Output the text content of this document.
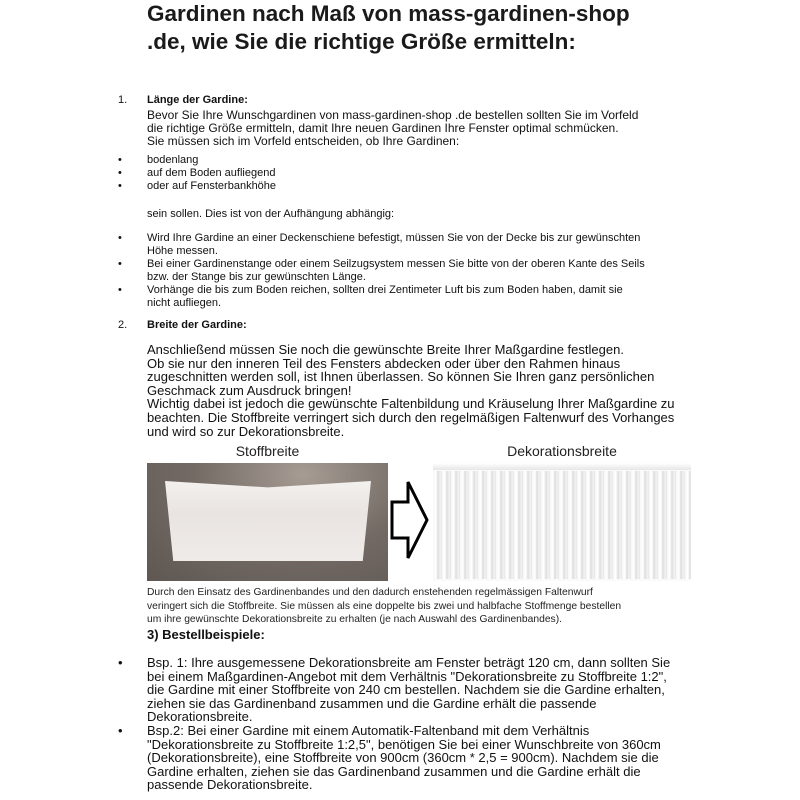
Gardinen nach Maß von mass-gardinen-shop
.de, wie Sie die richtige Größe ermitteln:
1. Länge der Gardine:
Bevor Sie Ihre Wunschgardinen von mass-gardinen-shop .de bestellen sollten Sie im Vorfeld
die richtige Größe ermitteln, damit Ihre neuen Gardinen Ihre Fenster optimal schmücken.
Sie müssen sich im Vorfeld entscheiden, ob Ihre Gardinen:
• bodenlang
• auf dem Boden aufliegend
• oder auf Fensterbankhöhe
sein sollen. Dies ist von der Aufhängung abhängig:
• Wird Ihre Gardine an einer Deckenschiene befestigt, müssen Sie von der Decke bis zur gewünschten
Höhe messen.
• Bei einer Gardinenstange oder einem Seilzugsystem messen Sie bitte von der oberen Kante des Seils
bzw. der Stange bis zur gewünschten Länge.
• Vorhänge die bis zum Boden reichen, sollten drei Zentimeter Luft bis zum Boden haben, damit sie
nicht aufliegen.
2. Breite der Gardine:
Anschließend müssen Sie noch die gewünschte Breite Ihrer Maßgardine festlegen.
Ob sie nur den inneren Teil des Fensters abdecken oder über den Rahmen hinaus
zugeschnitten werden soll, ist Ihnen überlassen. So können Sie Ihren ganz persönlichen
Geschmack zum Ausdruck bringen!
Wichtig dabei ist jedoch die gewünschte Faltenbildung und Kräuselung Ihrer Maßgardine zu
beachten. Die Stoffbreite verringert sich durch den regelmäßigen Faltenwurf des Vorhanges
und wird so zur Dekorationsbreite.
Stoffbreite	Dekorationsbreite
Durch den Einsatz des Gardinenbandes und den dadurch enstehenden regelmässigen Faltenwurf
veringert sich die Stoffbreite. Sie müssen als eine doppelte bis zwei und halbfache Stoffmenge bestellen
um ihre gewünschte Dekorationsbreite zu erhalten (je nach Auswahl des Gardinenbandes).
3) Bestellbeispiele:
• Bsp. 1: Ihre ausgemessene Dekorationsbreite am Fenster beträgt 120 cm, dann sollten Sie
bei einem Maßgardinen-Angebot mit dem Verhältnis "Dekorationsbreite zu Stoffbreite 1:2",
die Gardine mit einer Stoffbreite von 240 cm bestellen. Nachdem sie die Gardine erhalten,
ziehen sie das Gardinenband zusammen und die Gardine erhält die passende
Dekorationsbreite.
• Bsp.2: Bei einer Gardine mit einem Automatik-Faltenband mit dem Verhältnis
"Dekorationsbreite zu Stoffbreite 1:2,5", benötigen Sie bei einer Wunschbreite von 360cm
(Dekorationsbreite), eine Stoffbreite von 900cm (360cm * 2,5 = 900cm). Nachdem sie die
Gardine erhalten, ziehen sie das Gardinenband zusammen und die Gardine erhält die
passende Dekorationsbreite.
